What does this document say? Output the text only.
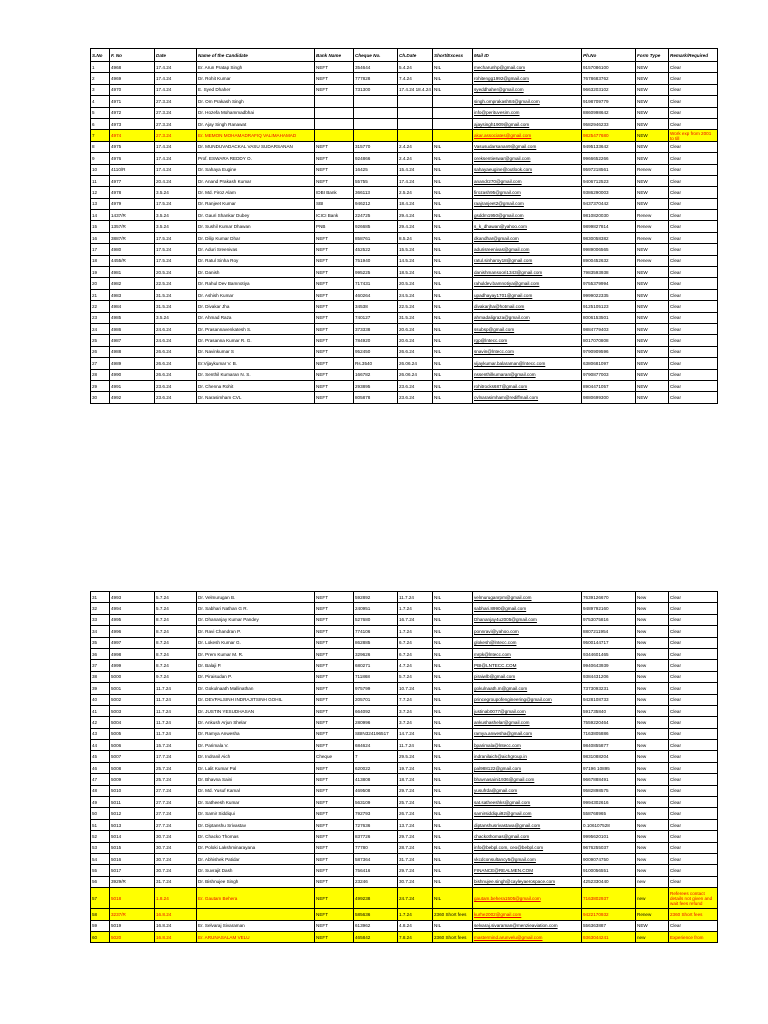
S.No	F. No	Date	Name of the Candidate	Bank Name	Cheque No.	Ch.Date	Short/Excess	Mail ID	Ph.No	Form Type	Remark/Required
1	4968	17.4.24	Er. Arun Pratap Singh	NEFT	354644	5.4.24	NIL	mecharunhp@gmail.com	9157086100	NEW	Clear
2	4969	17.4.24	Dr. Rohit Kumar	NEFT	777828	7.4.24	NIL	rohitengg1992@gmail.com	7678683762	NEW	Clear
3	4970	17.4.24	E. Syed Dhaher	NEFT	731300	17.4.24 18.4.24	NIL	syeddhaher@gmail.com	9663203102	NEW	Clear
4	4971	27.3.24	Dr. Om Prakash Singh					singh.omprakash84@gmail.com	9198709779	NEW	Clear
5	4972	27.3.24	Dr. Hozefa Mohammadbhai					info@perituvesim.com	8860998642	NEW	Clear
6	4973	27.3.24	Dr. Ajay Singh Ranawat					ajaysingh1909@gmail.com	9582946233	NEW	Clear
7	4974	27.3.24	Er. MEMON MOHAMADRAFIQ VALIMAHAMAD					akar.associates@gmail.com	9825477680	NEW	Work exp from 2001 to till
8	4975	17.4.24	Dr. MUNDUVADACKAL VASU SUDARSANAN	NEFT	315770	2.4.24	NIL	Vasusudarsanan9@gmail.com	9495133642	NEW	Clear
9	4976	17.4.24	Prof. ESWARA REDDY O.	NEFT	924866	2.4.24	NIL	oreksentieswar@gmail.com	9966652266	NEW	Clear
10	4110/R	17.4.24	Dr. Sahaya Eugine	NEFT	16425	15.4.24	NIL	sahayaeugine@outlook.com	9597218561	Renew	Clear
11	4977	20.4.24	Dr. Anand Prakash Kumar	NEFT	55755	17.4.24	NIL	anandr270@gmail.com	9406712523	NEW	Clear
12	4978	3.5.24	Dr. Md. Firoz Alam	IDBI Bank	366113	2.5.24	NIL	firozash95@gmail.com	9386290003	NEW	Clear
13	4979	17.5.24	Dr. Ranjeet Kumar	SBI	946212	18.4.24	NIL	raajranjeet2@gmail.com	9437370442	NEW	Clear
14	1437/R	3.5.24	Dr. Gauri Shankar Dubey	ICICI Bank	224725	29.4.24	NIL	gsddm1950@gmail.com	9810820030	Renew	Clear
15	1357/R	3.5.24	Dr. Sushil Kumar Dhawan	PNB	926685	29.4.24	NIL	s_k_dhawan@yahoo.com	9899827814	Renew	Clear
16	3887/R	17.5.24	Dr. Dilip Kumar Dhar	NEFT	858761	8.5.24	NIL	dkandhar@gmail.com	9830058382	Renew	Clear
17	4980	17.5.24	Dr. Aduri Sreenivas	NEFT	452522	15.5.24	NIL	adurisreenivas@gmail.com	9989006565	NEW	Clear
18	4455/R	17.5.24	Dr. Ratul Sinha Roy	NEFT	751940	14.5.24	NIL	ratul.sinharoy18@gmail.com	8900452632	Renew	Clear
19	4981	20.5.24	Dr. Danish	NEFT	995225	18.5.24	NIL	danishmansoori1343@gmail.com	7983593938	NEW	Clear
20	4982	22.5.24	Dr. Rahul Dev Bamnotiya	NEFT	717431	20.5.24	NIL	rahuldev.bamnotiya@gmail.com	9755379994	NEW	Clear
21	4983	31.5.24	Dr. Ashish Kumar	NEFT	460264	24.5.24	NIL	upadhayay1701@gmail.com	9999022335	NEW	Clear
22	4984	31.5.24	Dr. Divakar Jha	NEFT	34538	22.5.24	NIL	divakarjha@hotmail.com	9125105123	NEW	Clear
23	4985	3.5.24	Dr. Ahmad Raza	NEFT	740127	31.5.24	NIL	ahmadaligraza@gmail.com	8006153501	NEW	Clear
24	4986	24.6.24	Dr. Prasannavenkatesh S.	NEFT	373338	20.6.24	NIL	ssubsp@gmail.com	9884779403	NEW	Clear
25	4987	24.6.24	Dr. Prasanna Kumar R. G.	NEFT	784920	20.6.24	NIL	rgp@lntecc.com	8017070808	NEW	Clear
26	4988	26.6.24	Dr. Navinkumar S	NEFT	952450	26.6.24	NIL	snavin@lntecc.com	9790909596	NEW	Clear
27	4989	26.6.24	Er.Vijaykumar V. B.	NEFT	Rs.3540	26.06.24	NIL	vijaykumar.balaraman@lntecc.com	6380681097	NEW	Clear
28	4990	26.6.24	Dr. Senthil Kumaran N. S.	NEFT	166782	26.06.24	NIL	nssenthilkumaran@gmail.com	9790877003	NEW	Clear
29	4991	23.6.24	Dr. Chenna Rohit	NEFT	293895	23.6.24	NIL	rohitrocks687@gmail.com	8904471057	NEW	Clear
30	4992	23.6.24	Dr. Narasimham CVL	NEFT	805878	23.6.24	NIL	cvlnarasimham@rediffmail.com	9880699300	NEW	Clear
31	4993	5.7.24	Dr. Velmurugan B.	NEFT	592892	11.7.24	NIL	velmuruganrpm@gmail.com	7639126670	New	Clear
32	4994	5.7.24	Dr. Sabhari Nathan G R.	NEFT	240951	1.7.24	NIL	sabhari.8990@gmail.com	9489792160	New	Clear
33	4995	8.7.24	Dr. Dhananjay Kumar Pandey	NEFT	527680	16.7.24	NIL	Dhananjay4u2005@gmail.com	9753075816	New	Clear
34	4996	8.7.24	Dr. Ravi Chandran P.	NEFT	774106	1.7.24	NIL	ponnravi@yahoo.com	8807211954	New	Clear
35	4997	8.7.24	Dr. Lokesh Kumar G.	NEFT	862885	6.7.24	NIL	glokesh@lntecc.com	9500144717	New	Clear
36	4998	8.7.24	Dr. Prem Kumar M. R.	NEFT	329626	6.7.24	NIL	mrpk@lntecc.com	9344601465	New	Clear
37	4999	8.7.24	Dr. Balaji P.	NEFT	680271	4.7.24	NIL	PBI@LNTECC.COM	9940643939	New	Clear
38	5000	9.7.24	Dr. Piraisudan P.	NEFT	711868	5.7.24	NIL	piraiwlb@gmail.com	9384431206	New	Clear
39	5001	11.7.24	Dr. Gokulnaath Mallinathan	NEFT	975799	10.7.24	NIL	gokulnaath.m@gmail.com	7373093231	New	Clear
40	5002	11.7.24	Dr. DEVPALSINH INDRAJITSINH GOHIL	NEFT	205701	7.7.24	NIL	princegroupofengineering@gmail.com	9428108733	New	Clear
41	5003	11.7.24	Dr. JUSTIN YESUDHASAN	NEFT	664092	3.7.24	NIL	justinab0077@gmail.com	591735840	New	Clear
42	5004	11.7.24	Dr. Ankush Arjun Shelar	NEFT	280996	3.7.24	NIL	ankushashelar@gmail.com	7559220464	New	Clear
43	5005	11.7.24	Dr. Ramya Anwesha	NEFT	SBIN324196517	14.7.24	NIL	ramya.anwesha@gmail.com	7163805886	New	Clear
44	5006	15.7.24	Dr. Parimala V.	NEFT	684624	11.7.24	NIL	bparimala@lntecc.com	9840855877	New	Clear
45	5007	17.7.24	Dr. Indranil Aich	Cheque	7	29.5.24	NIL	indranilaich@aichgroup.in	9831088204	New	Clear
46	5008	25.7.24	Dr. Lalit Kumar Pal	NEFT	620022	19.7.24	NIL	pal988122@gmail.com	97196 10895	New	Clear
47	5009	25.7.24	Dr. Bhavna Saini	NEFT	413808	18.7.24	NIL	bhavnasaini1936@gmail.com	9667888491	New	Clear
48	5010	27.7.24	Dr. Md. Yusuf Kamal	NEFT	469508	29.7.24	NIL	yusufrda@gmail.com	9582898575	New	Clear
49	5011	27.7.24	Dr. Satheesh Kumar	NEFT	563109	25.7.24	NIL	sat.satheeshks@gmail.com	9994302616	New	Clear
50	5012	27.7.24	Dr. Samir Siddiqui	NEFT	792793	26.7.24	NIL	samirsiddiqui92@gmail.com	558768965	New	Clear
51	5013	27.7.24	Dr. Diptanshu Srivastav	NEFT	727636	13.7.24	NIL	diptanshusrivastava@gmail.com	0.106107528	New	Clear
52	5014	30.7.24	Dr. Chacko Thomas	NEFT	837726	29.7.24	NIL	chackothomas@gmail.com	9995620101	New	Clear
53	5015	30.7.24	Dr. Poloki Lakshminarayana	NEFT	77780	28.7.24	NIL	info@bebpl.com, ceo@bebpl.com	9676255037	New	Clear
54	5016	30.7.24	Dr. Abhishek Patidar	NEFT	587364	31.7.24	NIL	vkcdconsultancy5@gmail.com	9009074750	New	Clear
55	5017	30.7.24	Dr. Suvrajit Dash	NEFT	756416	29.7.24	NIL	FINANCE@REALMEN.COM	9100056551	New	Clear
56	3929/R	31.7.24	Dr. Bishnujee Singh	NEFT	23246	30.7.24	NIL	bishnujee.singh@cayleyaerospace.com	4252330440	new	Clear
57	5018	1.8.24	Er. Gautam Behera	NEFT	499238	24.7.24	NIL	gautam.behera1505@gmail.com	7163802937	new	Referees contact details not given and wait fees refund
58	3237/R	16.8.24		NEFT	585636	1.7.24	2360 Short fees	kurhe2002@gmail.com	9422170932	Renew	2360 Short fees
59	5019	16.8.24	Er. Selvaraj Sivaraman	NEFT	613962	4.8.24	NIL	selvaraj.sivaraman@menzieaviation.com	556363887	NEW	Clear
60	5020	16.8.24	Er. ARUNASALAM VELU	NEFT	465842	7.8.24	2360 Short fees	mastermind.arunvelu@gmail.com	9363044241	new	Experience from
